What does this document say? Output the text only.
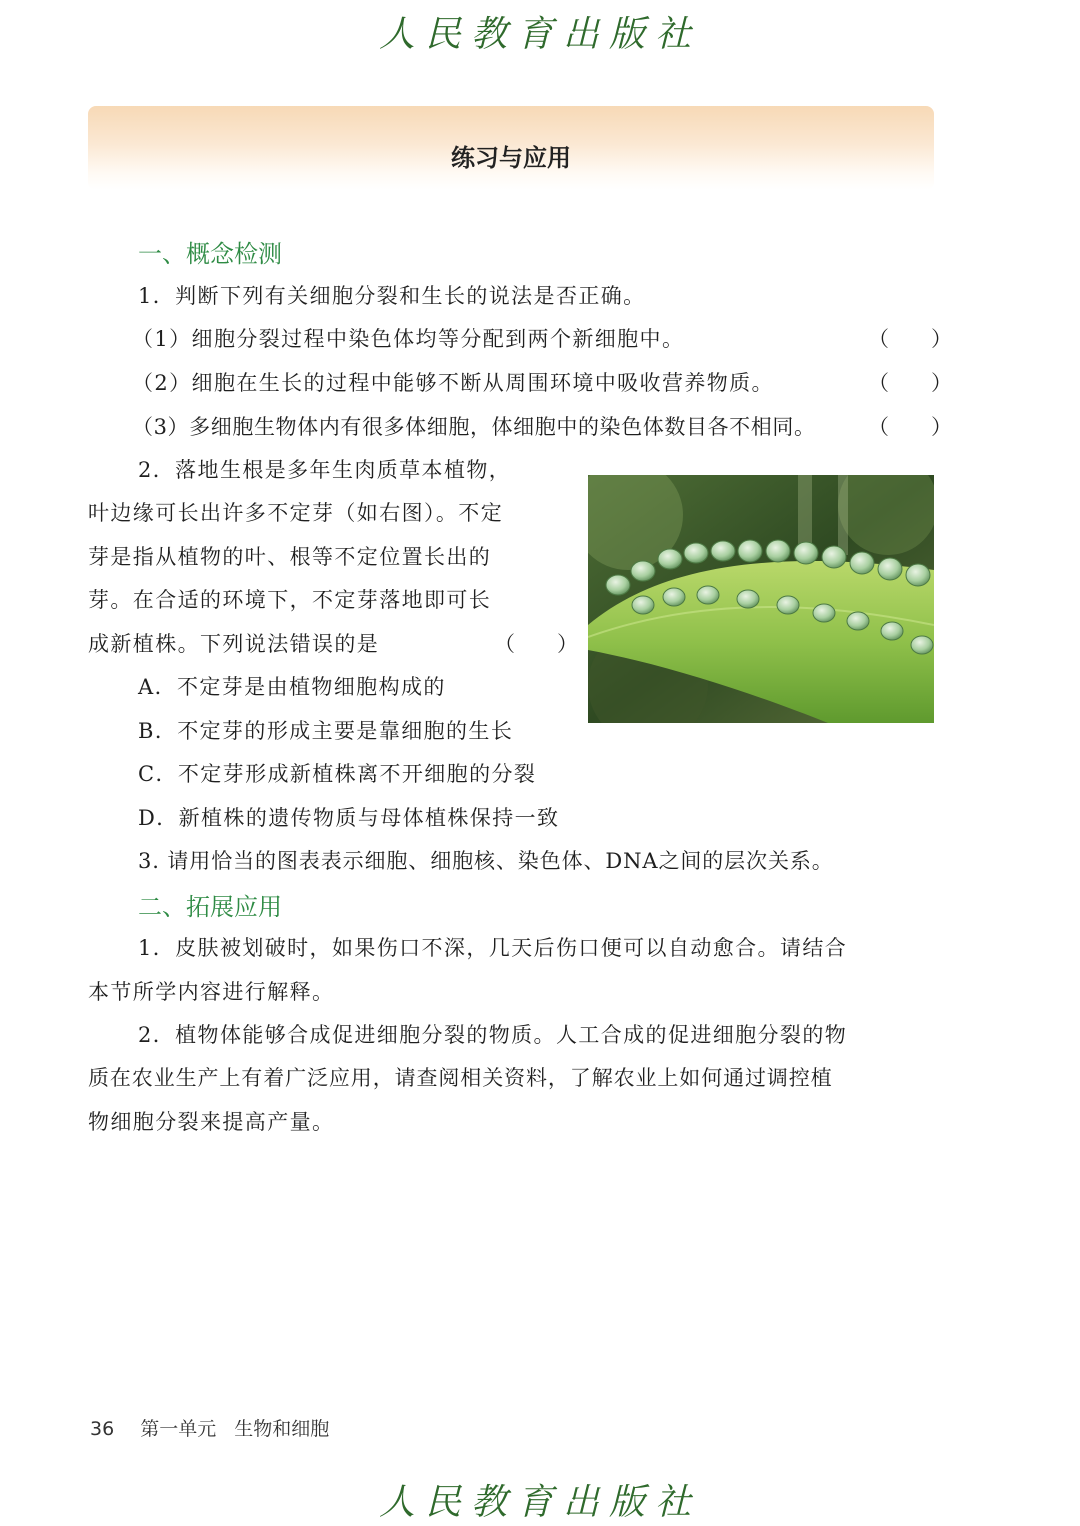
人民教育出版社
练习与应用
一、概念检测
1．判断下列有关细胞分裂和生长的说法是否正确。
（1）细胞分裂过程中染色体均等分配到两个新细胞中。	（　　）
（2）细胞在生长的过程中能够不断从周围环境中吸收营养物质。	（　　）
（3）多细胞生物体内有很多体细胞，体细胞中的染色体数目各不相同。 （　　）
2．落地生根是多年生肉质草本植物，
叶边缘可长出许多不定芽（如右图）。不定
芽是指从植物的叶、根等不定位置长出的
芽。在合适的环境下，不定芽落地即可长
成新植株。下列说法错误的是	（　　）
A．不定芽是由植物细胞构成的
B．不定芽的形成主要是靠细胞的生长
C．不定芽形成新植株离不开细胞的分裂
D．新植株的遗传物质与母体植株保持一致
3. 请用恰当的图表表示细胞、细胞核、染色体、DNA之间的层次关系。
二、拓展应用
1．皮肤被划破时，如果伤口不深，几天后伤口便可以自动愈合。请结合
本节所学内容进行解释。
2．植物体能够合成促进细胞分裂的物质。人工合成的促进细胞分裂的物
质在农业生产上有着广泛应用，请查阅相关资料，了解农业上如何通过调控植
物细胞分裂来提高产量。
36 第一单元 生物和细胞
人民教育出版社
